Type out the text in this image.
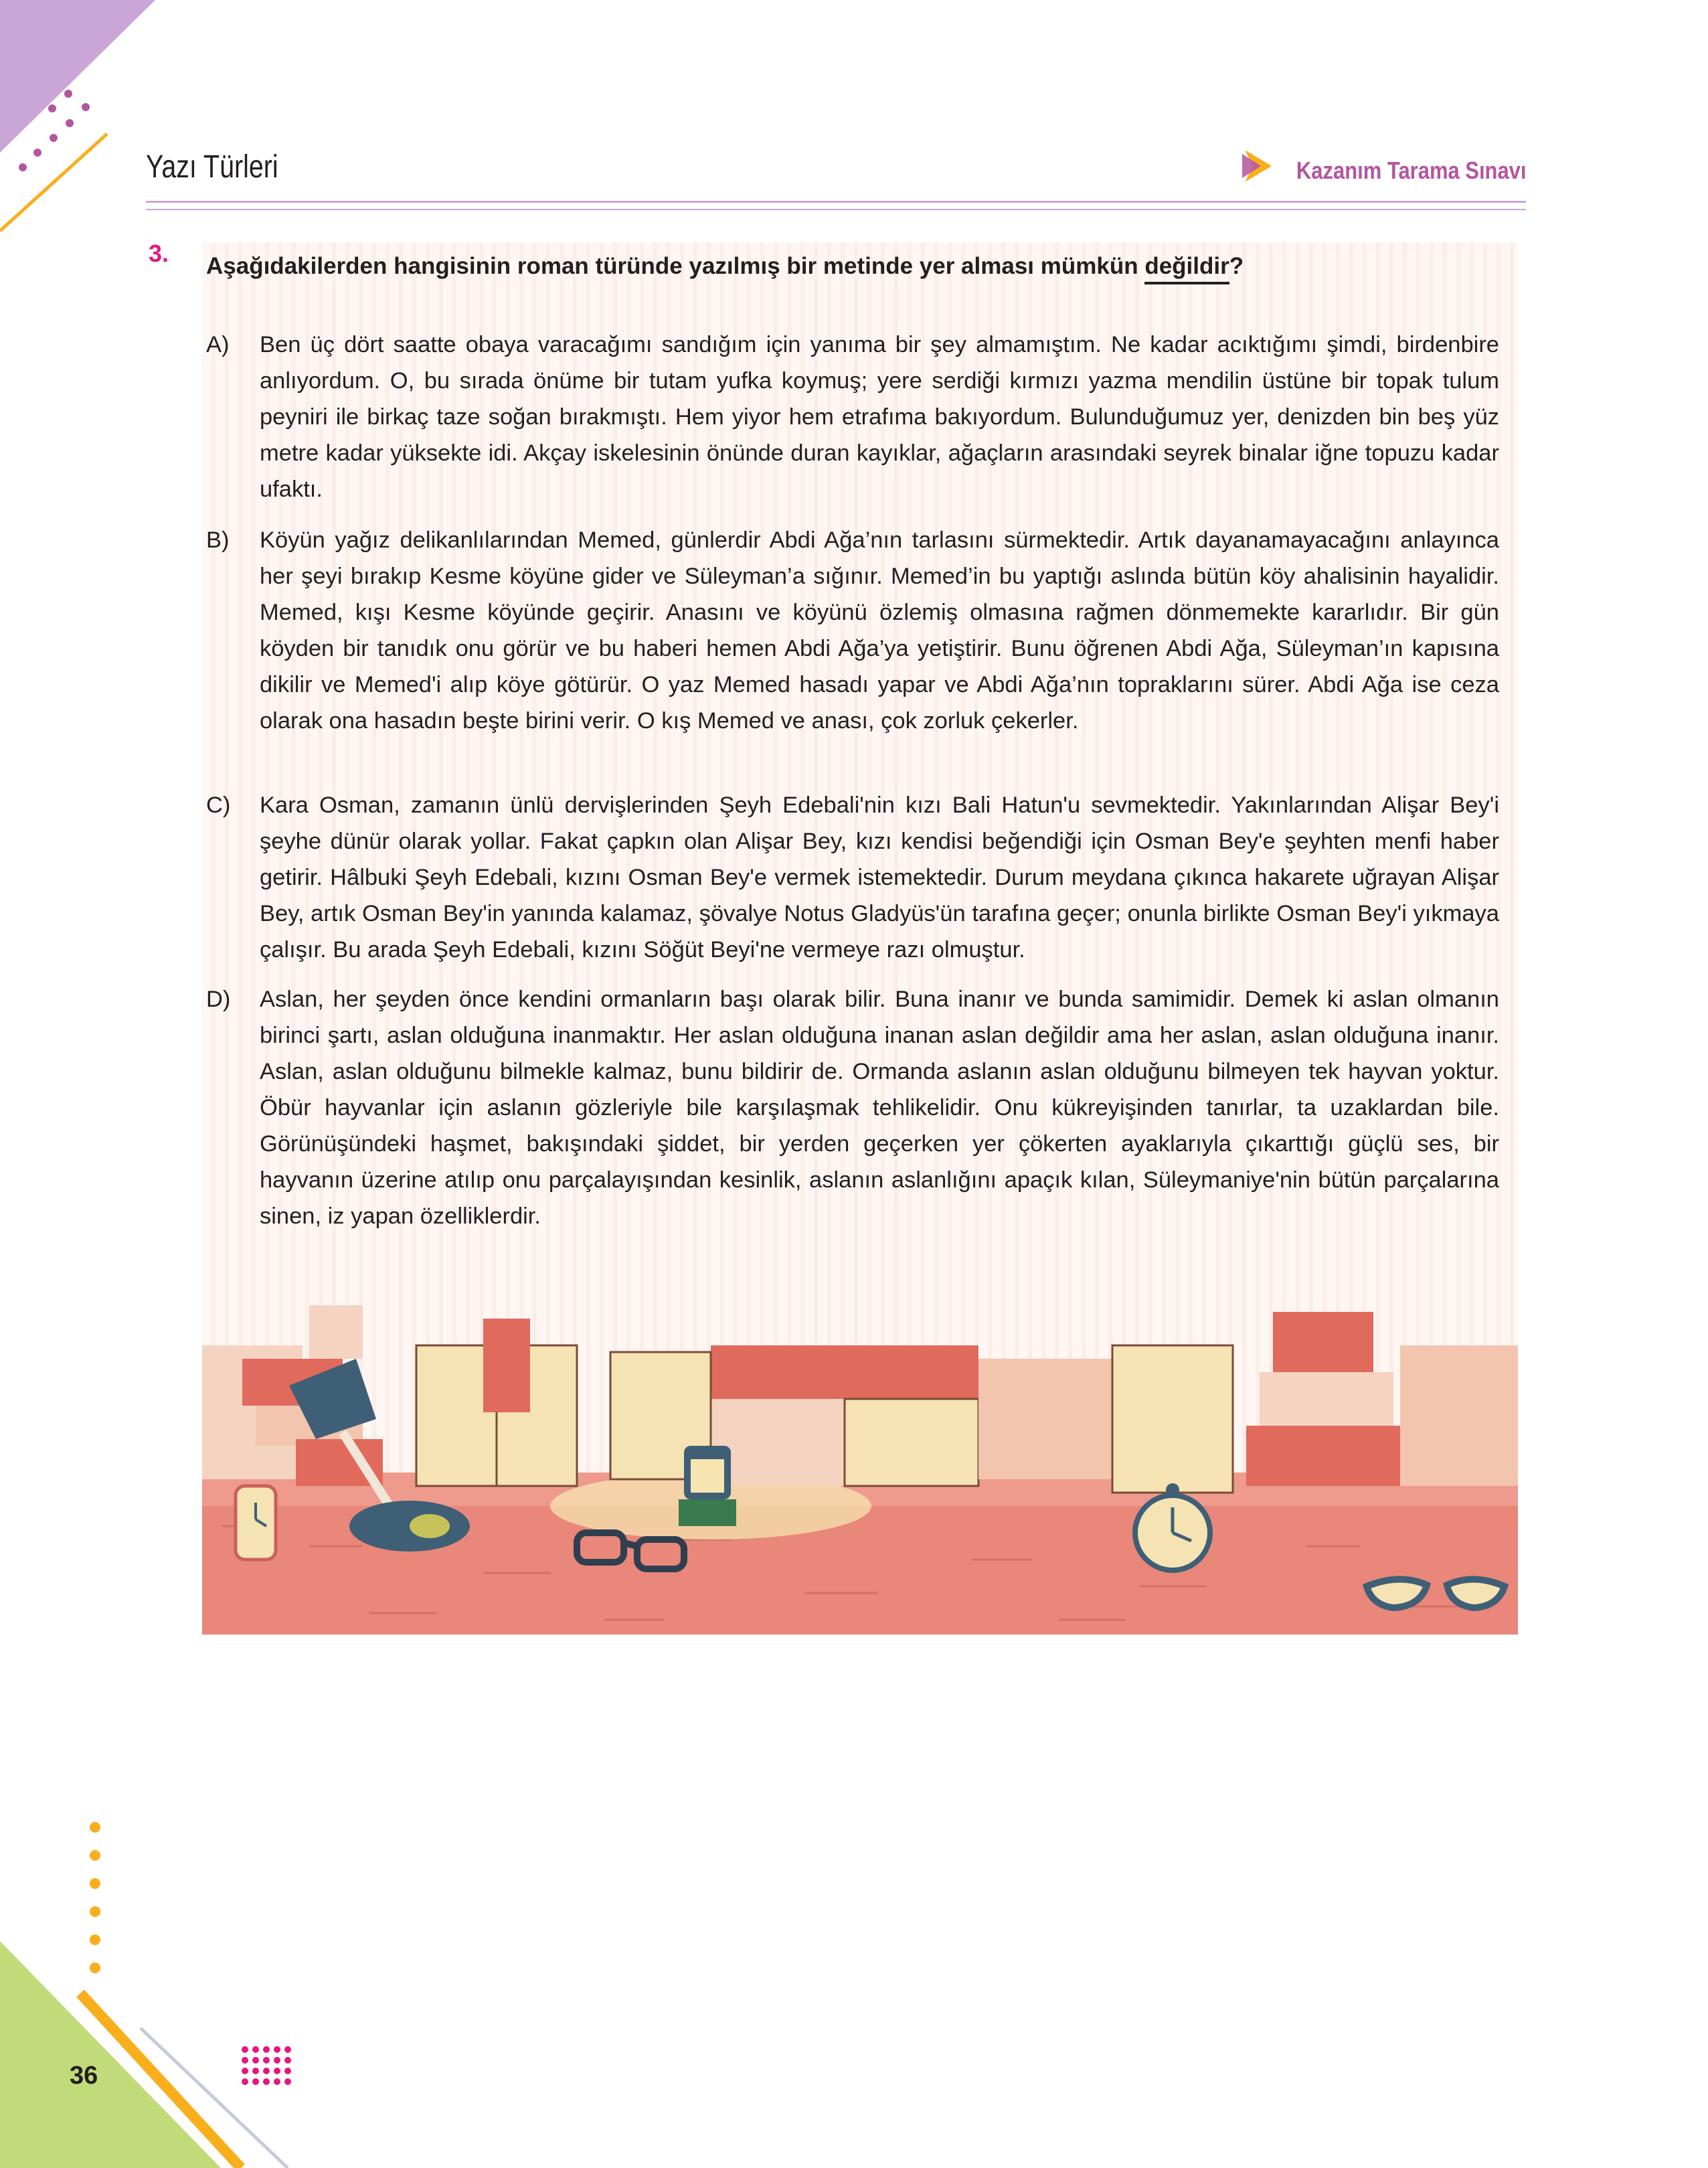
Yazı Türleri	Kazanım Tarama Sınavı
3. Aşağıdakilerden hangisinin roman türünde yazılmış bir metinde yer alması mümkün değildir?
A)	Ben üç dört saatte obaya varacağımı sandığım için yanıma bir şey almamıştım. Ne kadar acıktığımı şimdi, birdenbire anlıyordum. O, bu sırada önüme bir tutam yufka koymuş; yere serdiği kırmızı yazma mendilin üstüne bir topak tulum peyniri ile birkaç taze soğan bırakmıştı. Hem yiyor hem etrafıma bakıyordum. Bulunduğumuz yer, denizden bin beş yüz metre kadar yüksekte idi. Akçay iskelesinin önünde duran kayıklar, ağaçların arasındaki seyrek binalar iğne topuzu kadar ufaktı.
B)	Köyün yağız delikanlılarından Memed, günlerdir Abdi Ağa’nın tarlasını sürmektedir. Artık dayanamayacağını anlayınca her şeyi bırakıp Kesme köyüne gider ve Süleyman’a sığınır. Memed’in bu yaptığı aslında bütün köy ahalisinin hayalidir. Memed, kışı Kesme köyünde geçirir. Anasını ve köyünü özlemiş olmasına rağmen dönmemekte kararlıdır. Bir gün köyden bir tanıdık onu görür ve bu haberi hemen Abdi Ağa’ya yetiştirir. Bunu öğrenen Abdi Ağa, Süleyman’ın kapısına dikilir ve Memed'i alıp köye götürür. O yaz Memed hasadı yapar ve Abdi Ağa’nın topraklarını sürer. Abdi Ağa ise ceza olarak ona hasadın beşte birini verir. O kış Memed ve anası, çok zorluk çekerler.
C)	Kara Osman, zamanın ünlü dervişlerinden Şeyh Edebali'nin kızı Bali Hatun'u sevmektedir. Yakınlarından Alişar Bey'i şeyhe dünür olarak yollar. Fakat çapkın olan Alişar Bey, kızı kendisi beğendiği için Osman Bey'e şeyhten menfi haber getirir. Hâlbuki Şeyh Edebali, kızını Osman Bey'e vermek istemektedir. Durum meydana çıkınca hakarete uğrayan Alişar Bey, artık Osman Bey'in yanında kalamaz, şövalye Notus Gladyüs'ün tarafına geçer; onunla birlikte Osman Bey'i yıkmaya çalışır. Bu arada Şeyh Edebali, kızını Söğüt Beyi'ne vermeye razı olmuştur.
D)	Aslan, her şeyden önce kendini ormanların başı olarak bilir. Buna inanır ve bunda samimidir. Demek ki aslan olmanın birinci şartı, aslan olduğuna inanmaktır. Her aslan olduğuna inanan aslan değildir ama her aslan, aslan olduğuna inanır. Aslan, aslan olduğunu bilmekle kalmaz, bunu bildirir de. Ormanda aslanın aslan olduğunu bilmeyen tek hayvan yoktur. Öbür hayvanlar için aslanın gözleriyle bile karşılaşmak tehlikelidir. Onu kükreyişinden tanırlar, ta uzaklardan bile. Görünüşündeki haşmet, bakışındaki şiddet, bir yerden geçerken yer çökerten ayaklarıyla çıkarttığı güçlü ses, bir hayvanın üzerine atılıp onu parçalayışından kesinlik, aslanın aslanlığını apaçık kılan, Süleymaniye'nin bütün parçalarına sinen, iz yapan özelliklerdir.
36
